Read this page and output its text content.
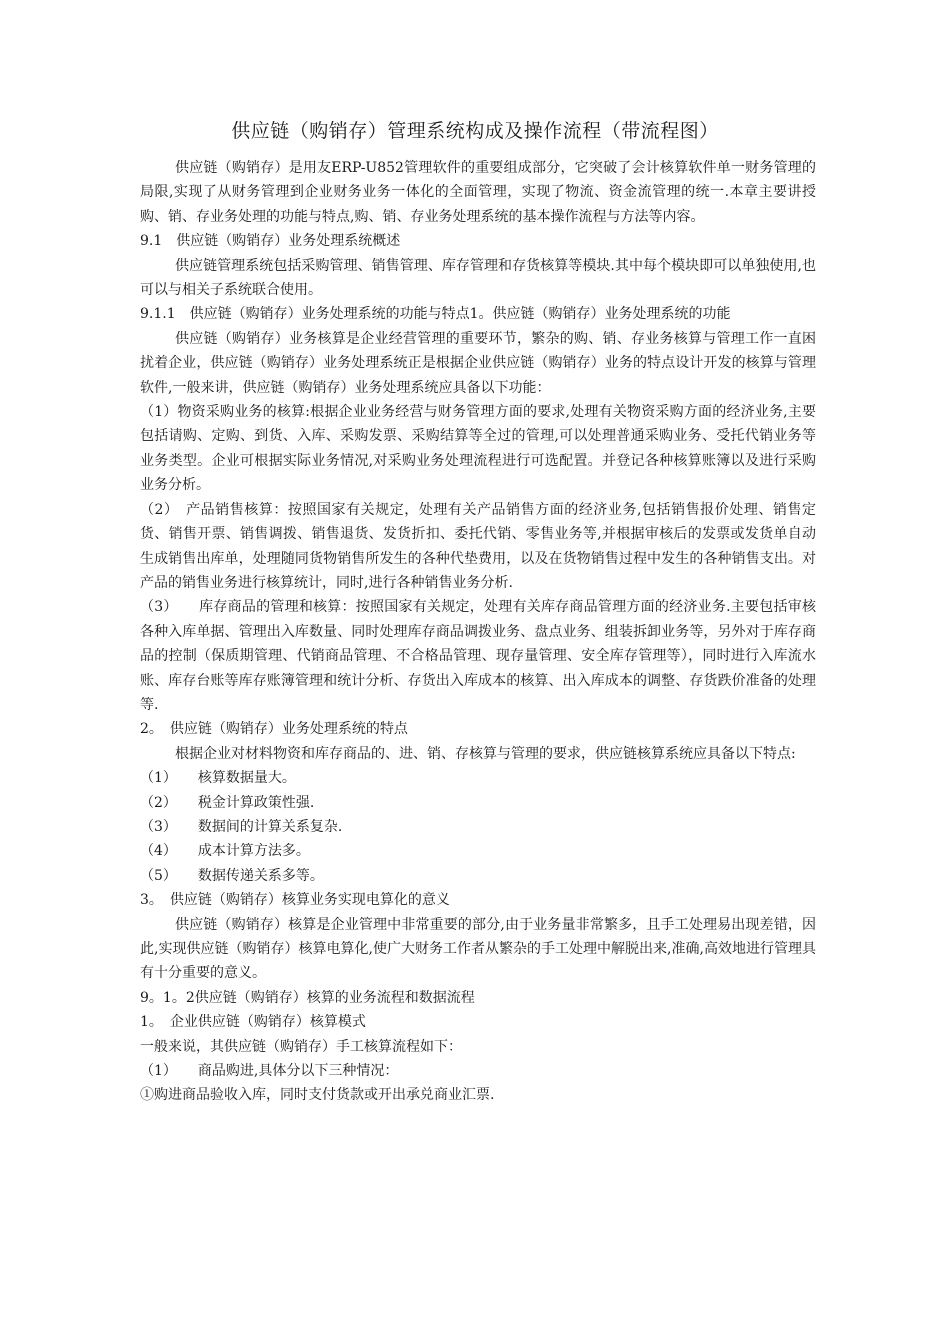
供应链（购销存）管理系统构成及操作流程（带流程图）

供应链（购销存）是用友ERP-U852管理软件的重要组成部分，它突破了会计核算软件单一财务管理的局限,实现了从财务管理到企业财务业务一体化的全面管理，实现了物流、资金流管理的统一.本章主要讲授购、销、存业务处理的功能与特点,购、销、存业务处理系统的基本操作流程与方法等内容。

9.1　供应链（购销存）业务处理系统概述

供应链管理系统包括采购管理、销售管理、库存管理和存货核算等模块.其中每个模块即可以单独使用,也可以与相关子系统联合使用。

9.1.1　供应链（购销存）业务处理系统的功能与特点1。供应链（购销存）业务处理系统的功能

供应链（购销存）业务核算是企业经营管理的重要环节，繁杂的购、销、存业务核算与管理工作一直困扰着企业，供应链（购销存）业务处理系统正是根据企业供应链（购销存）业务的特点设计开发的核算与管理软件,一般来讲，供应链（购销存）业务处理系统应具备以下功能：

（1）物资采购业务的核算:根据企业业务经营与财务管理方面的要求,处理有关物资采购方面的经济业务,主要包括请购、定购、到货、入库、采购发票、采购结算等全过的管理,可以处理普通采购业务、受托代销业务等业务类型。企业可根据实际业务情况,对采购业务处理流程进行可选配置。并登记各种核算账簿以及进行采购业务分析。

（2）　产品销售核算：按照国家有关规定，处理有关产品销售方面的经济业务,包括销售报价处理、销售定货、销售开票、销售调拨、销售退货、发货折扣、委托代销、零售业务等,并根据审核后的发票或发货单自动生成销售出库单，处理随同货物销售所发生的各种代垫费用，以及在货物销售过程中发生的各种销售支出。对产品的销售业务进行核算统计，同时,进行各种销售业务分析.

（3）　　库存商品的管理和核算：按照国家有关规定，处理有关库存商品管理方面的经济业务.主要包括审核各种入库单据、管理出入库数量、同时处理库存商品调拨业务、盘点业务、组装拆卸业务等，另外对于库存商品的控制（保质期管理、代销商品管理、不合格品管理、现存量管理、安全库存管理等），同时进行入库流水账、库存台账等库存账簿管理和统计分析、存货出入库成本的核算、出入库成本的调整、存货跌价准备的处理等.

2。　供应链（购销存）业务处理系统的特点

根据企业对材料物资和库存商品的、进、销、存核算与管理的要求，供应链核算系统应具备以下特点:

（1）　　核算数据量大。

（2）　　税金计算政策性强.

（3）　　数据间的计算关系复杂.

（4）　　成本计算方法多。

（5）　　数据传递关系多等。

3。　供应链（购销存）核算业务实现电算化的意义

供应链（购销存）核算是企业管理中非常重要的部分,由于业务量非常繁多，且手工处理易出现差错，因此,实现供应链（购销存）核算电算化,使广大财务工作者从繁杂的手工处理中解脱出来,准确,高效地进行管理具有十分重要的意义。

9。1。2供应链（购销存）核算的业务流程和数据流程

1。　企业供应链（购销存）核算模式

一般来说，其供应链（购销存）手工核算流程如下：

（1）　　商品购进,具体分以下三种情况：

①购进商品验收入库，同时支付货款或开出承兑商业汇票.
